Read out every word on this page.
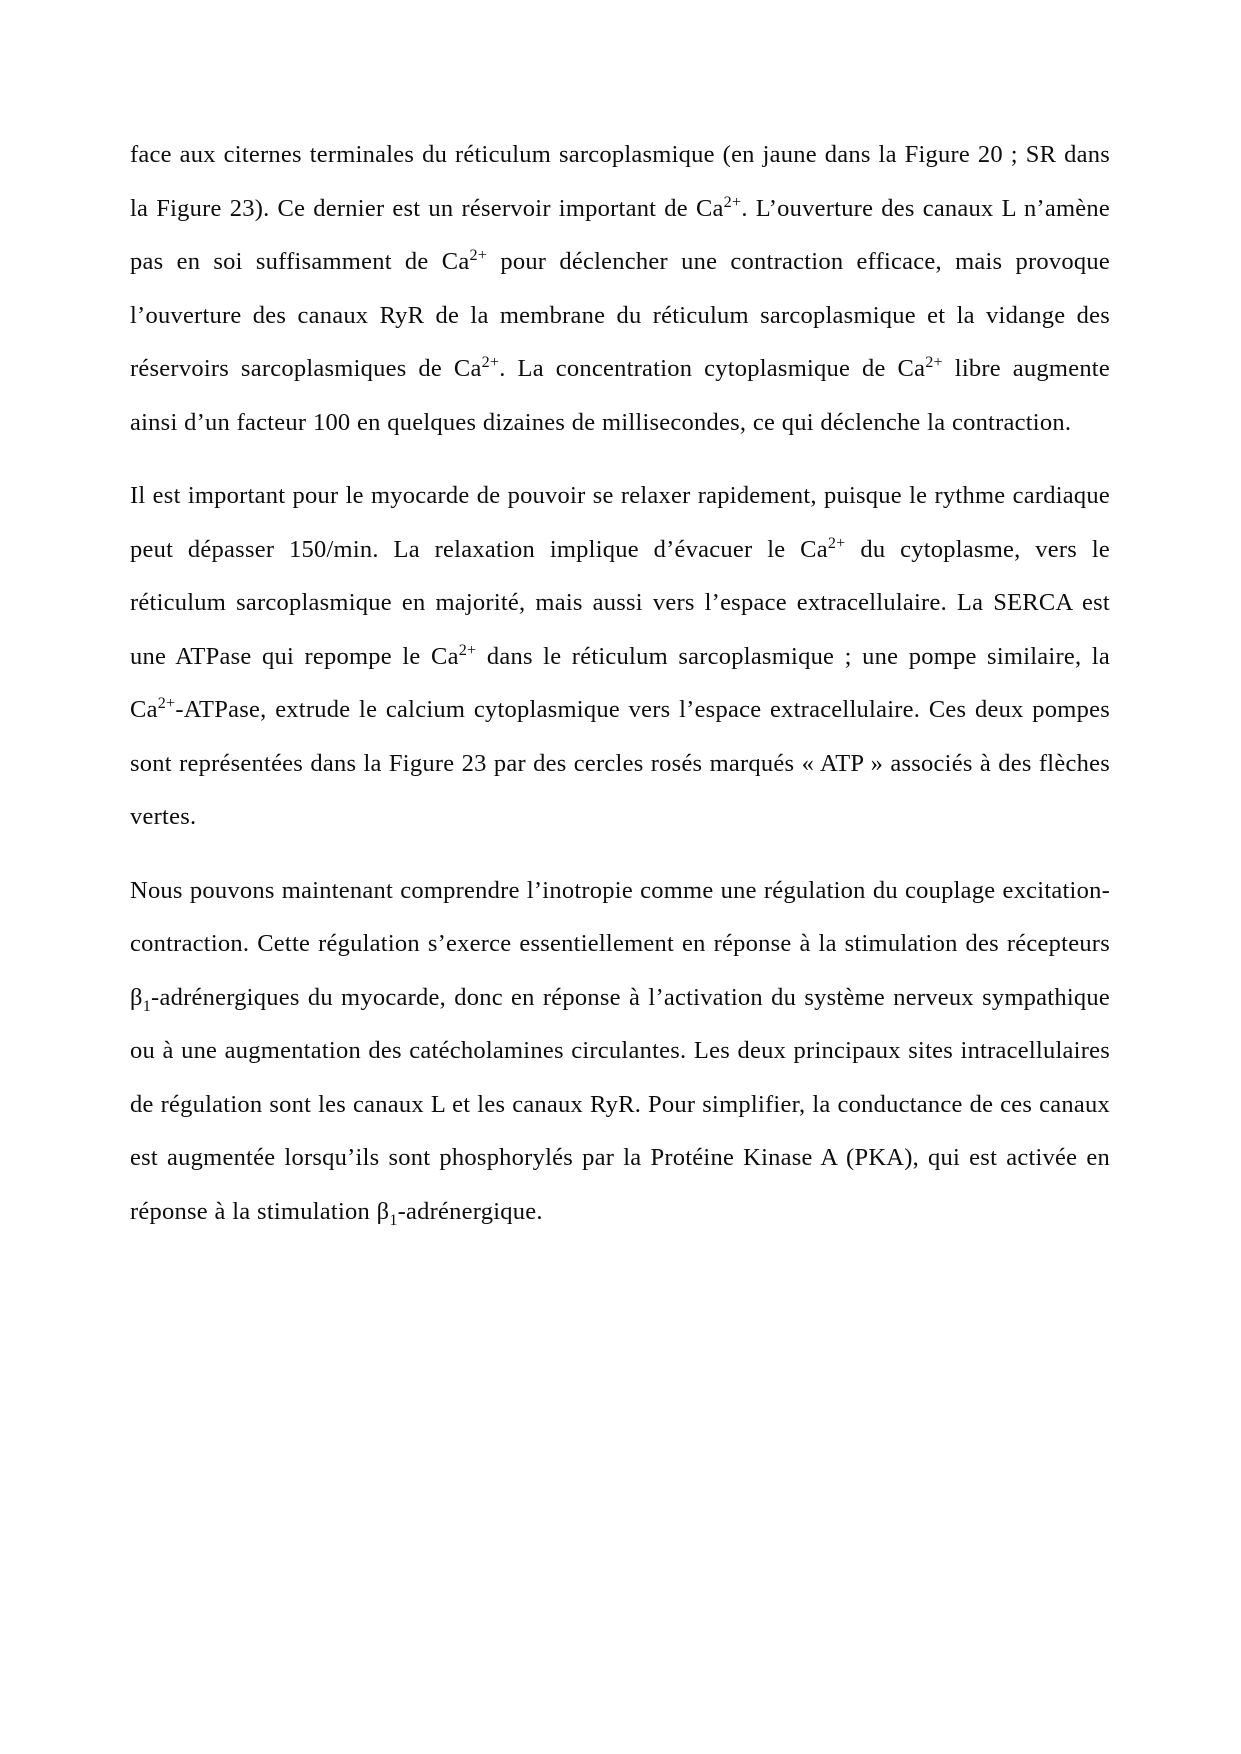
face aux citernes terminales du réticulum sarcoplasmique (en jaune dans la Figure 20 ; SR dans la Figure 23). Ce dernier est un réservoir important de $Ca^{2+}$. L’ouverture des canaux L n’amène pas en soi suffisamment de $Ca^{2+}$ pour déclencher une contraction efficace, mais provoque l’ouverture des canaux RyR de la membrane du réticulum sarcoplasmique et la vidange des réservoirs sarcoplasmiques de $Ca^{2+}$. La concentration cytoplasmique de $Ca^{2+}$ libre augmente ainsi d’un facteur 100 en quelques dizaines de millisecondes, ce qui déclenche la contraction.

Il est important pour le myocarde de pouvoir se relaxer rapidement, puisque le rythme cardiaque peut dépasser 150/min. La relaxation implique d’évacuer le $Ca^{2+}$ du cytoplasme, vers le réticulum sarcoplasmique en majorité, mais aussi vers l’espace extracellulaire. La SERCA est une ATPase qui repompe le $Ca^{2+}$ dans le réticulum sarcoplasmique ; une pompe similaire, la $Ca^{2+}$-ATPase, extrude le calcium cytoplasmique vers l’espace extracellulaire. Ces deux pompes sont représentées dans la Figure 23 par des cercles rosés marqués « ATP » associés à des flèches vertes.

Nous pouvons maintenant comprendre l’inotropie comme une régulation du couplage excitation-contraction. Cette régulation s’exerce essentiellement en réponse à la stimulation des récepteurs $\beta_1$-adrénergiques du myocarde, donc en réponse à l’activation du système nerveux sympathique ou à une augmentation des catécholamines circulantes. Les deux principaux sites intracellulaires de régulation sont les canaux L et les canaux RyR. Pour simplifier, la conductance de ces canaux est augmentée lorsqu’ils sont phosphorylés par la Protéine Kinase A (PKA), qui est activée en réponse à la stimulation $\beta_1$-adrénergique.
